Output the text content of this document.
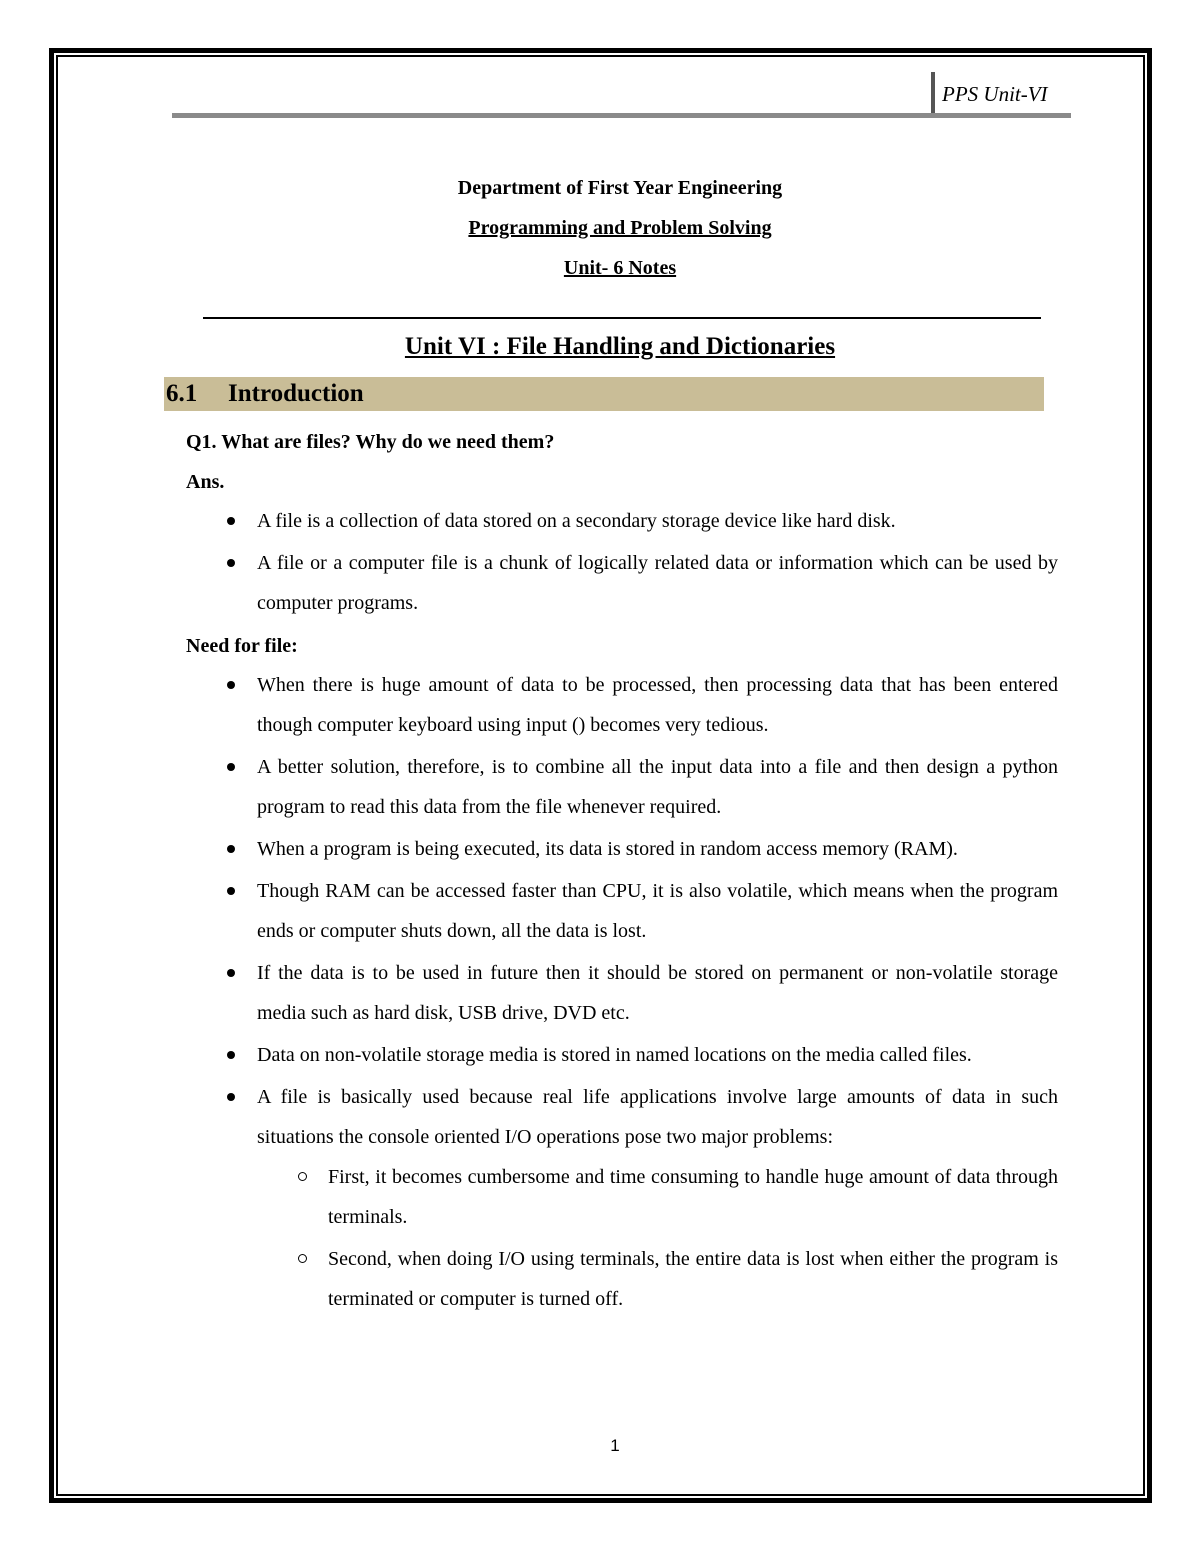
PPS Unit-VI
Department of First Year Engineering
Programming and Problem Solving
Unit- 6 Notes
Unit VI : File Handling and Dictionaries
6.1 Introduction
Q1. What are files? Why do we need them?
Ans.
A file is a collection of data stored on a secondary storage device like hard disk.
A file or a computer file is a chunk of logically related data or information which can be used by computer programs.
Need for file:
When there is huge amount of data to be processed, then processing data that has been entered though computer keyboard using input () becomes very tedious.
A better solution, therefore, is to combine all the input data into a file and then design a python program to read this data from the file whenever required.
When a program is being executed, its data is stored in random access memory (RAM).
Though RAM can be accessed faster than CPU, it is also volatile, which means when the program ends or computer shuts down, all the data is lost.
If the data is to be used in future then it should be stored on permanent or non-volatile storage media such as hard disk, USB drive, DVD etc.
Data on non-volatile storage media is stored in named locations on the media called files.
A file is basically used because real life applications involve large amounts of data in such situations the console oriented I/O operations pose two major problems:
First, it becomes cumbersome and time consuming to handle huge amount of data through terminals.
Second, when doing I/O using terminals, the entire data is lost when either the program is terminated or computer is turned off.
1
